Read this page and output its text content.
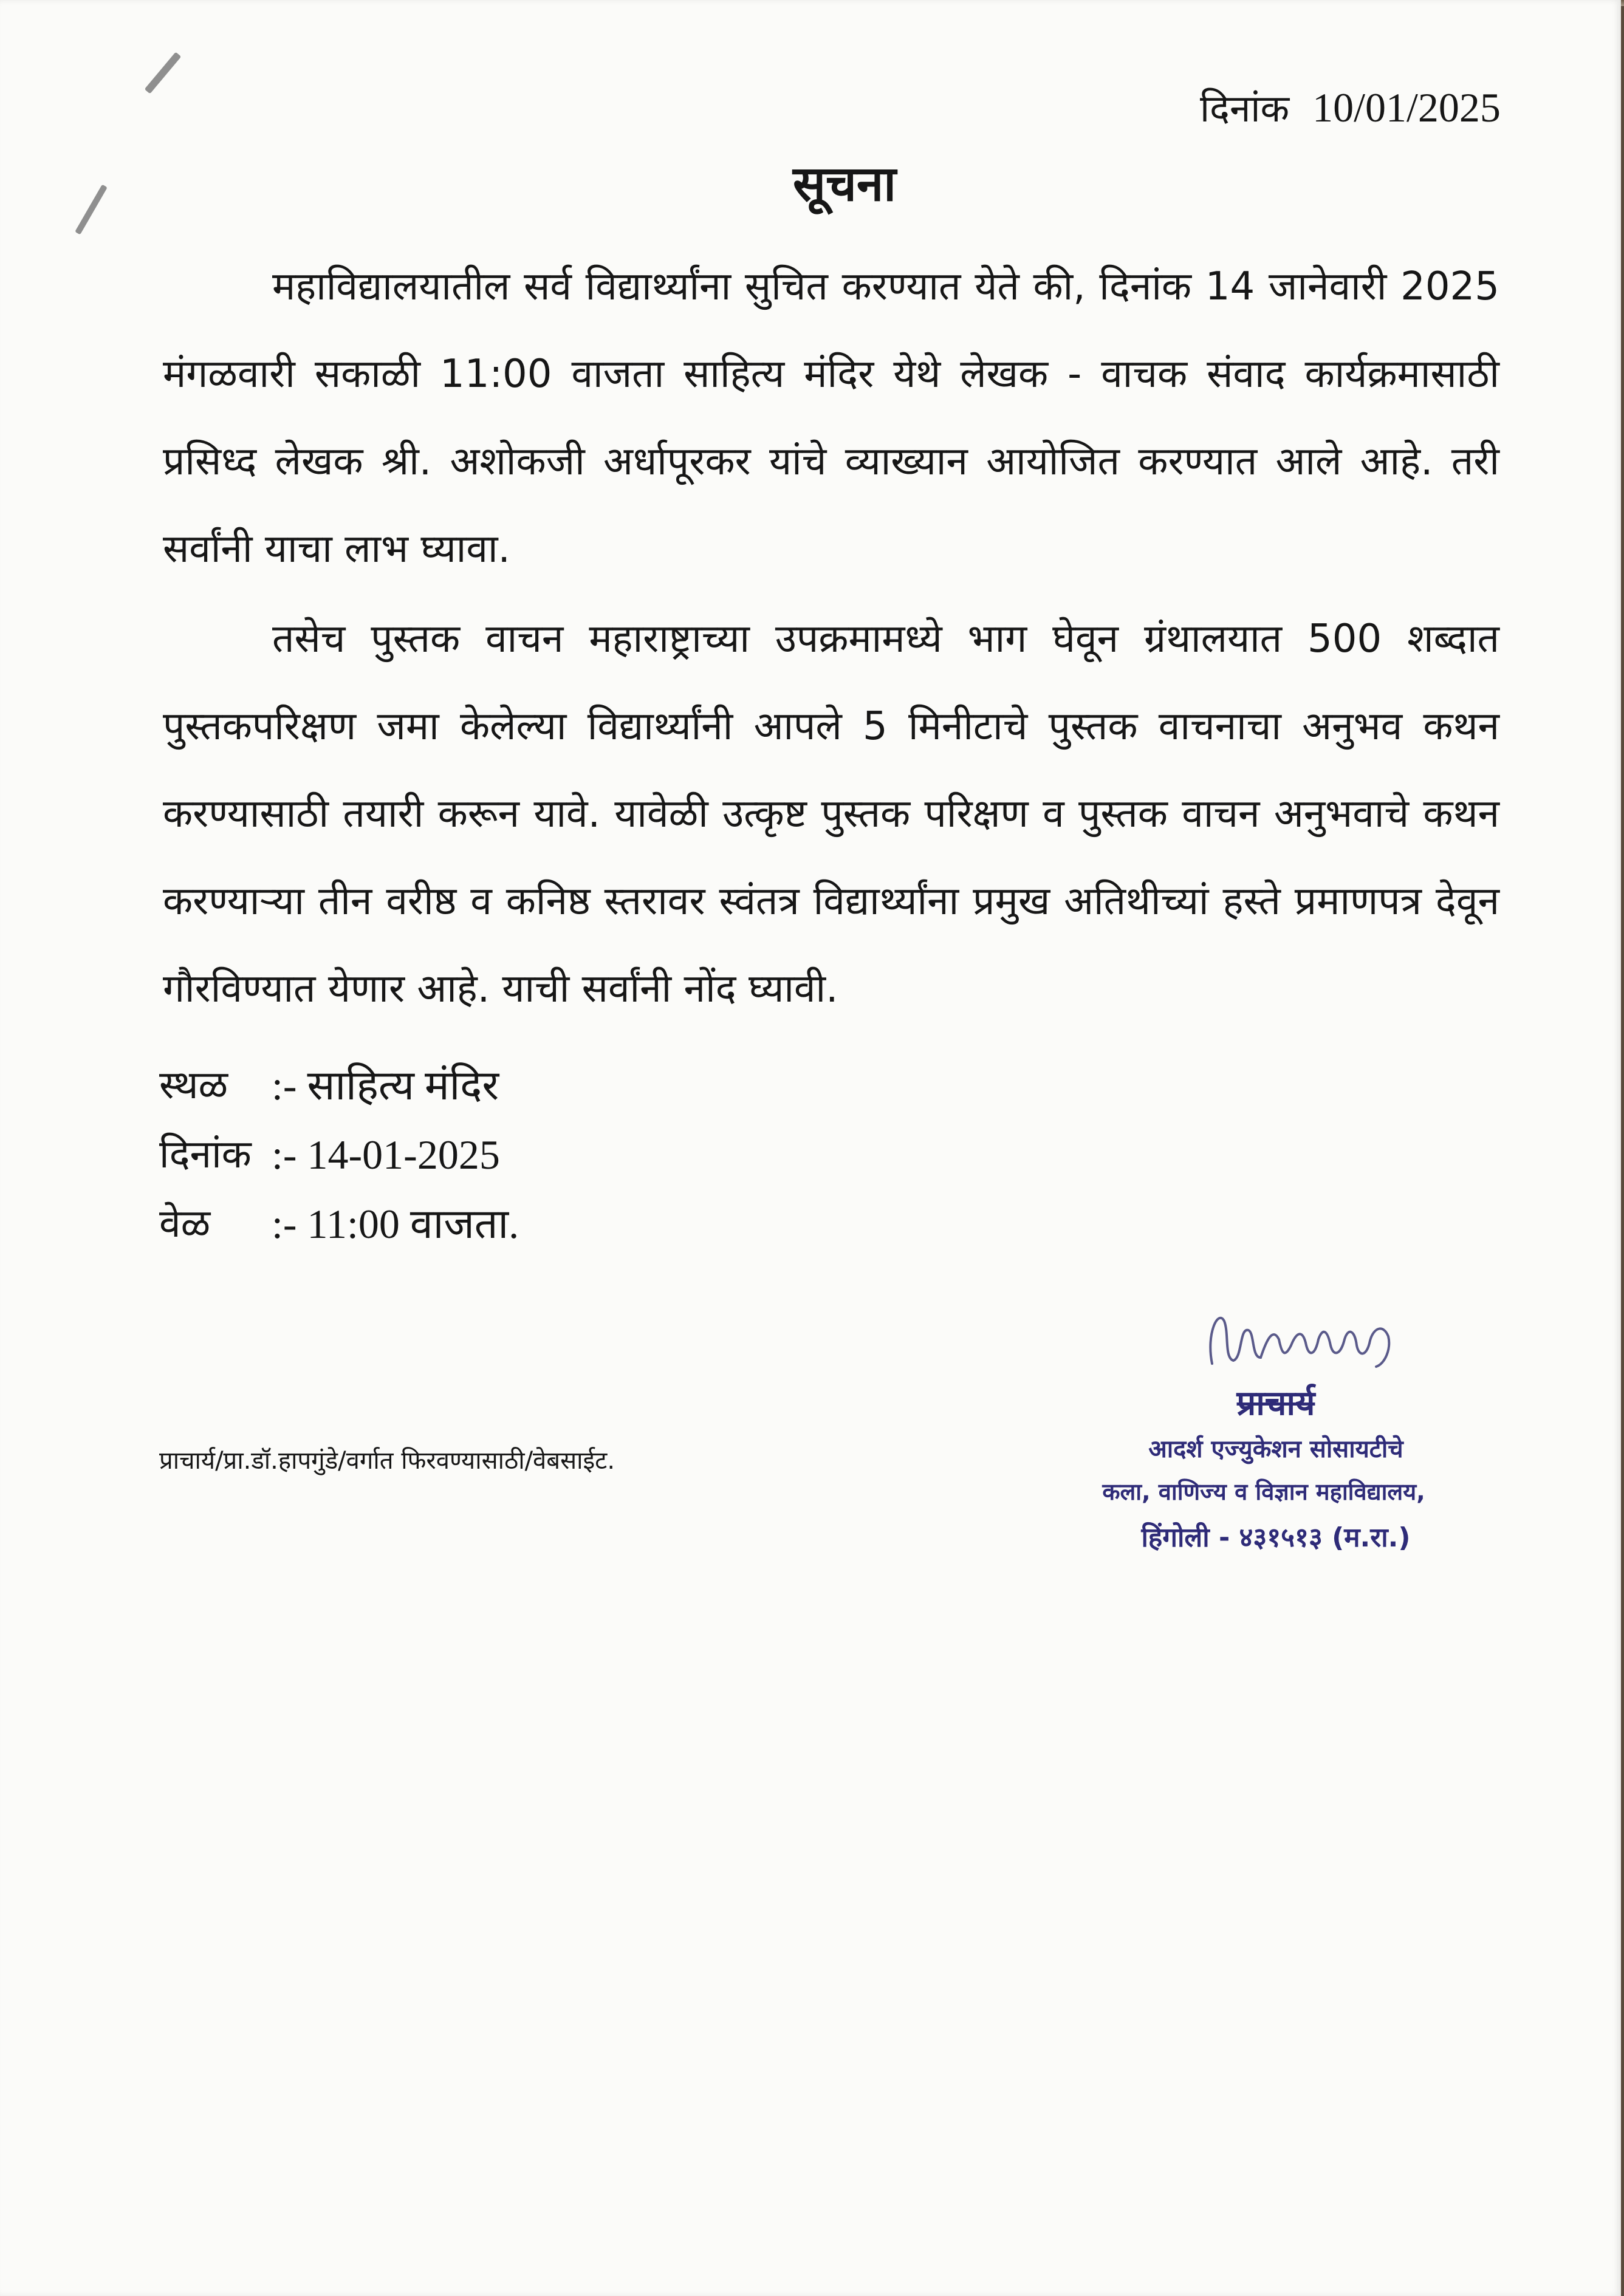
दिनांक 10/01/2025
सूचना
महाविद्यालयातील सर्व विद्यार्थ्यांना सुचित करण्यात येते की, दिनांक 14 जानेवारी 2025 मंगळवारी सकाळी 11:00 वाजता साहित्य मंदिर येथे लेखक - वाचक संवाद कार्यक्रमासाठी प्रसिध्द लेखक श्री. अशोकजी अर्धापूरकर यांचे व्याख्यान आयोजित करण्यात आले आहे. तरी सर्वांनी याचा लाभ घ्यावा.
तसेच पुस्तक वाचन महाराष्ट्राच्या उपक्रमामध्ये भाग घेवून ग्रंथालयात 500 शब्दात पुस्तकपरिक्षण जमा केलेल्या विद्यार्थ्यांनी आपले 5 मिनीटाचे पुस्तक वाचनाचा अनुभव कथन करण्यासाठी तयारी करून यावे. यावेळी उत्कृष्ट पुस्तक परिक्षण व पुस्तक वाचन अनुभवाचे कथन करण्याऱ्या तीन वरीष्ठ व कनिष्ठ स्तरावर स्वंतत्र विद्यार्थ्यांना प्रमुख अतिथीच्यां हस्ते प्रमाणपत्र देवून गौरविण्यात येणार आहे. याची सर्वांनी नोंद घ्यावी.
स्थळ	:- साहित्य मंदिर
दिनांक :- 14-01-2025
वेळ	:- 11:00 वाजता.
प्राचार्य/प्रा.डॉ.हापगुंडे/वर्गात फिरवण्यासाठी/वेबसाईट.
प्राचार्य
आदर्श एज्युकेशन सोसायटीचे
कला, वाणिज्य व विज्ञान महाविद्यालय,
हिंगोली - ४३१५१३ (म.रा.)
